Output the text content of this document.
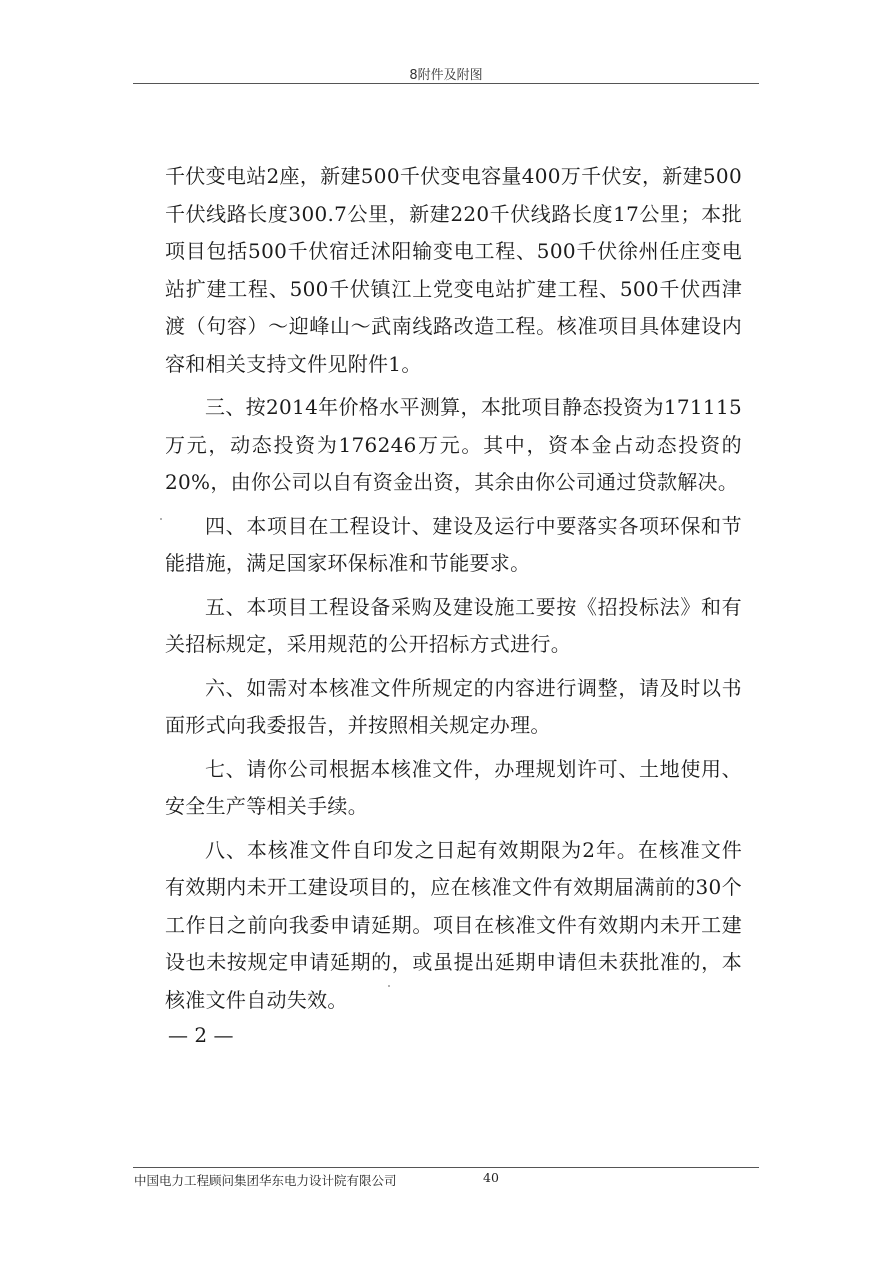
8附件及附图

千伏变电站2座，新建500千伏变电容量400万千伏安，新建500千伏线路长度300.7公里，新建220千伏线路长度17公里；本批项目包括500千伏宿迁沭阳输变电工程、500千伏徐州任庄变电站扩建工程、500千伏镇江上党变电站扩建工程、500千伏西津渡（句容）～迎峰山～武南线路改造工程。核准项目具体建设内容和相关支持文件见附件1。

三、按2014年价格水平测算，本批项目静态投资为171115万元，动态投资为176246万元。其中，资本金占动态投资的20%，由你公司以自有资金出资，其余由你公司通过贷款解决。

四、本项目在工程设计、建设及运行中要落实各项环保和节能措施，满足国家环保标准和节能要求。

五、本项目工程设备采购及建设施工要按《招投标法》和有关招标规定，采用规范的公开招标方式进行。

六、如需对本核准文件所规定的内容进行调整，请及时以书面形式向我委报告，并按照相关规定办理。

七、请你公司根据本核准文件，办理规划许可、土地使用、安全生产等相关手续。

八、本核准文件自印发之日起有效期限为2年。在核准文件有效期内未开工建设项目的，应在核准文件有效期届满前的30个工作日之前向我委申请延期。项目在核准文件有效期内未开工建设也未按规定申请延期的，或虽提出延期申请但未获批准的，本核准文件自动失效。

— 2 —
中国电力工程顾问集团华东电力设计院有限公司	40
